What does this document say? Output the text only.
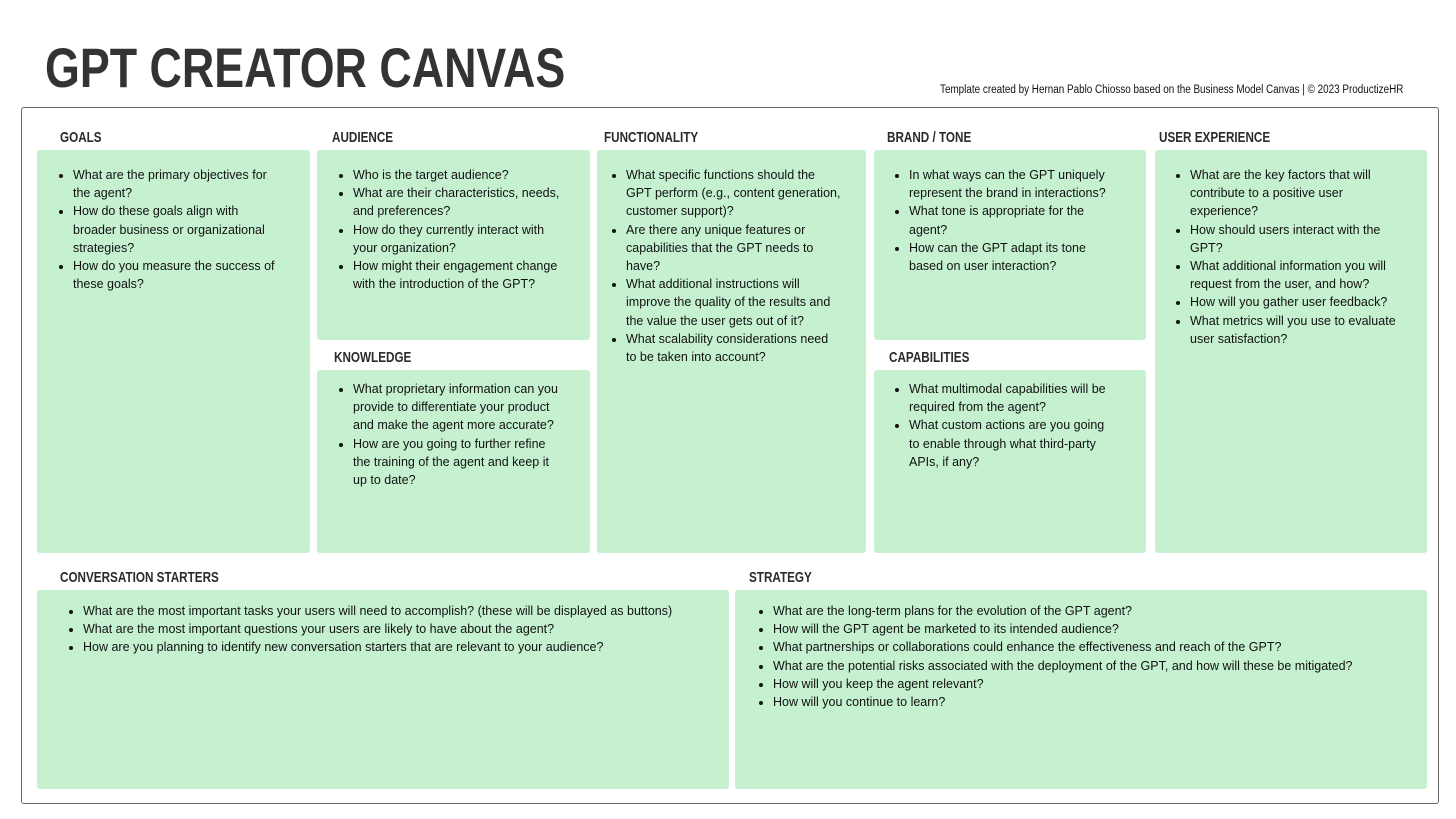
GPT CREATOR CANVAS	Template created by Hernan Pablo Chiosso based on the Business Model Canvas | © 2023 ProductizeHR
GOALS
• What are the primary objectives for the agent?
• How do these goals align with broader business or organizational strategies?
• How do you measure the success of these goals?
AUDIENCE
• Who is the target audience?
• What are their characteristics, needs, and preferences?
• How do they currently interact with your organization?
• How might their engagement change with the introduction of the GPT?
KNOWLEDGE
• What proprietary information can you provide to differentiate your product and make the agent more accurate?
• How are you going to further refine the training of the agent and keep it up to date?
FUNCTIONALITY
• What specific functions should the GPT perform (e.g., content generation, customer support)?
• Are there any unique features or capabilities that the GPT needs to have?
• What additional instructions will improve the quality of the results and the value the user gets out of it?
• What scalability considerations need to be taken into account?
BRAND / TONE
• In what ways can the GPT uniquely represent the brand in interactions?
• What tone is appropriate for the agent?
• How can the GPT adapt its tone based on user interaction?
CAPABILITIES
• What multimodal capabilities will be required from the agent?
• What custom actions are you going to enable through what third-party APIs, if any?
USER EXPERIENCE
• What are the key factors that will contribute to a positive user experience?
• How should users interact with the GPT?
• What additional information you will request from the user, and how?
• How will you gather user feedback?
• What metrics will you use to evaluate user satisfaction?
CONVERSATION STARTERS
• What are the most important tasks your users will need to accomplish? (these will be displayed as buttons)
• What are the most important questions your users are likely to have about the agent?
• How are you planning to identify new conversation starters that are relevant to your audience?
STRATEGY
• What are the long-term plans for the evolution of the GPT agent?
• How will the GPT agent be marketed to its intended audience?
• What partnerships or collaborations could enhance the effectiveness and reach of the GPT?
• What are the potential risks associated with the deployment of the GPT, and how will these be mitigated?
• How will you keep the agent relevant?
• How will you continue to learn?
